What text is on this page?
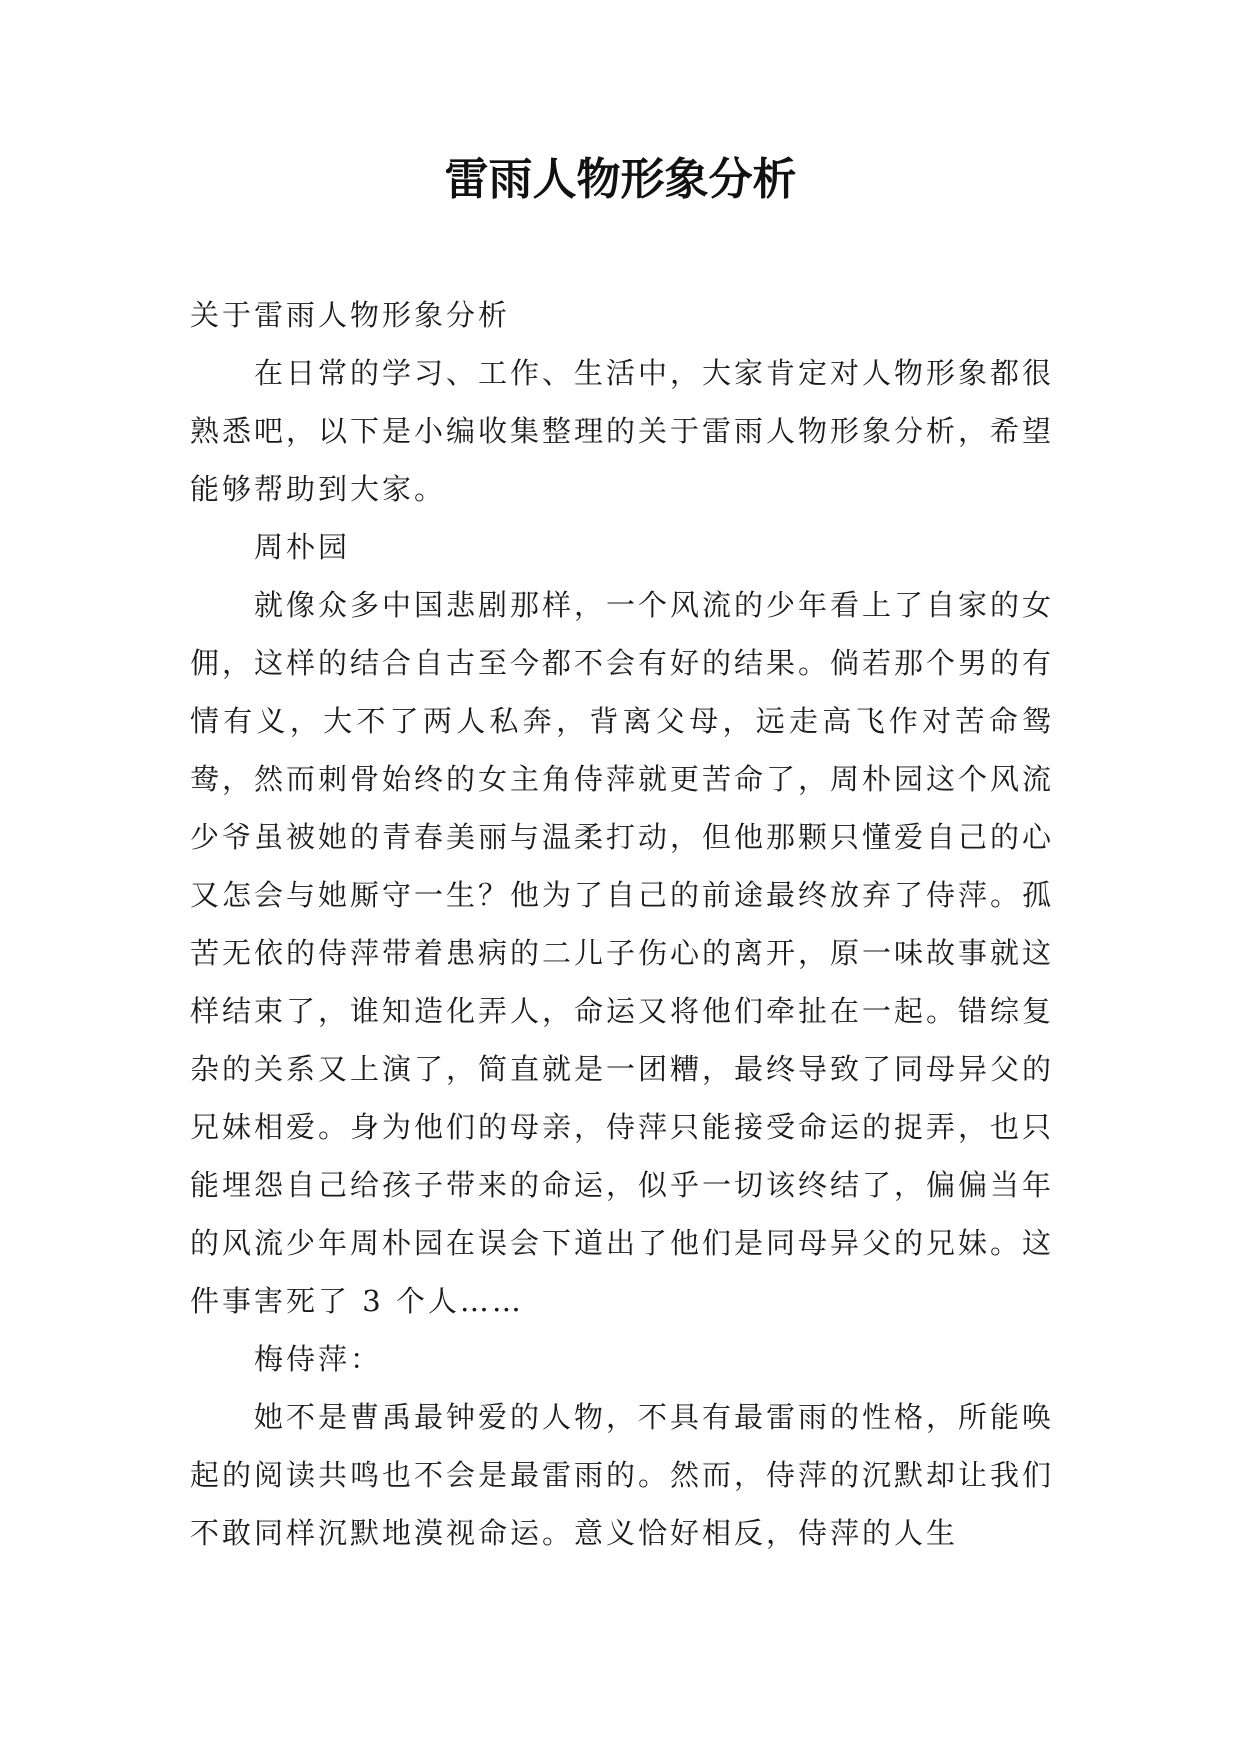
雷雨人物形象分析

关于雷雨人物形象分析

在日常的学习、工作、生活中，大家肯定对人物形象都很熟悉吧，以下是小编收集整理的关于雷雨人物形象分析，希望能够帮助到大家。

周朴园

就像众多中国悲剧那样，一个风流的少年看上了自家的女佣，这样的结合自古至今都不会有好的结果。倘若那个男的有情有义，大不了两人私奔，背离父母，远走高飞作对苦命鸳鸯，然而刺骨始终的女主角侍萍就更苦命了，周朴园这个风流少爷虽被她的青春美丽与温柔打动，但他那颗只懂爱自己的心又怎会与她厮守一生？他为了自己的前途最终放弃了侍萍。孤苦无依的侍萍带着患病的二儿子伤心的离开，原一味故事就这样结束了，谁知造化弄人，命运又将他们牵扯在一起。错综复杂的关系又上演了，简直就是一团糟，最终导致了同母异父的兄妹相爱。身为他们的母亲，侍萍只能接受命运的捉弄，也只能埋怨自己给孩子带来的命运，似乎一切该终结了，偏偏当年的风流少年周朴园在误会下道出了他们是同母异父的兄妹。这件事害死了 3 个人……

梅侍萍：

她不是曹禹最钟爱的人物，不具有最雷雨的性格，所能唤起的阅读共鸣也不会是最雷雨的。然而，侍萍的沉默却让我们不敢同样沉默地漠视命运。意义恰好相反，侍萍的人生
